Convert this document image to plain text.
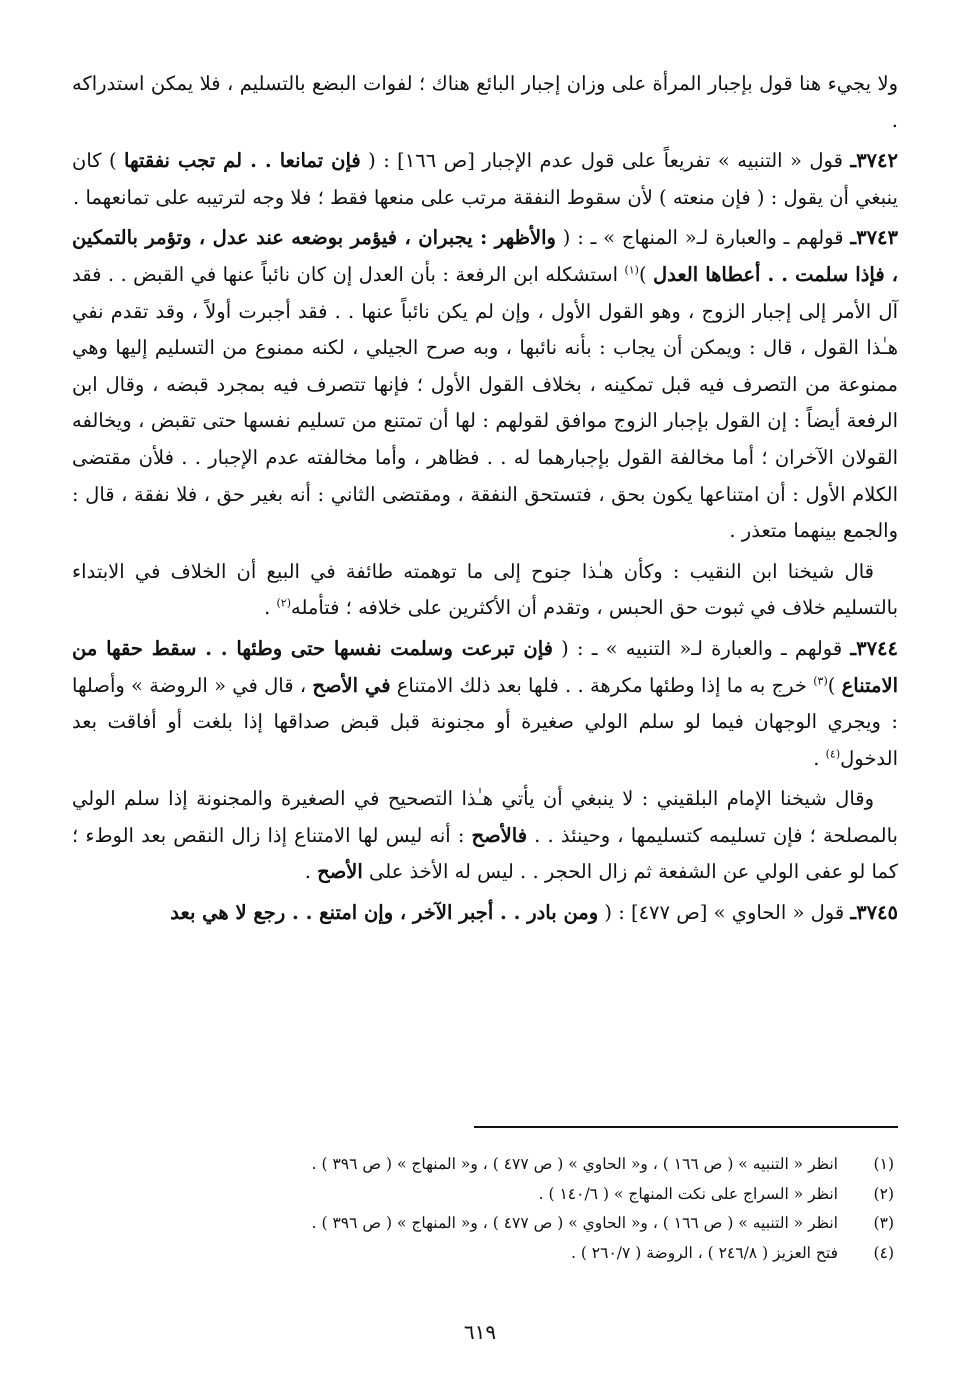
ولا يجيء هنا قول بإجبار المرأة على وزان إجبار البائع هناك ؛ لفوات البضع بالتسليم ، فلا يمكن استدراكه .

٣٧٤٢ـ قول « التنبيه » تفريعاً على قول عدم الإجبار [ص ١٦٦] : ( فإن تمانعا . . لم تجب نفقتها ) كان ينبغي أن يقول : ( فإن منعته ) لأن سقوط النفقة مرتب على منعها فقط ؛ فلا وجه لترتيبه على تمانعهما .

٣٧٤٣ـ قولهم ـ والعبارة لـ« المنهاج » ـ : ( والأظهر : يجبران ، فيؤمر بوضعه عند عدل ، وتؤمر بالتمكين ، فإذا سلمت . . أعطاها العدل )$^{(١)}$ استشكله ابن الرفعة : بأن العدل إن كان نائباً عنها في القبض . . فقد آل الأمر إلى إجبار الزوج ، وهو القول الأول ، وإن لم يكن نائباً عنها . . فقد أجبرت أولاً ، وقد تقدم نفي هـٰذا القول ، قال : ويمكن أن يجاب : بأنه نائبها ، وبه صرح الجيلي ، لكنه ممنوع من التسليم إليها وهي ممنوعة من التصرف فيه قبل تمكينه ، بخلاف القول الأول ؛ فإنها تتصرف فيه بمجرد قبضه ، وقال ابن الرفعة أيضاً : إن القول بإجبار الزوج موافق لقولهم : لها أن تمتنع من تسليم نفسها حتى تقبض ، ويخالفه القولان الآخران ؛ أما مخالفة القول بإجبارهما له . . فظاهر ، وأما مخالفته عدم الإجبار . . فلأن مقتضى الكلام الأول : أن امتناعها يكون بحق ، فتستحق النفقة ، ومقتضى الثاني : أنه بغير حق ، فلا نفقة ، قال : والجمع بينهما متعذر .

قال شيخنا ابن النقيب : وكأن هـٰذا جنوح إلى ما توهمته طائفة في البيع أن الخلاف في الابتداء بالتسليم خلاف في ثبوت حق الحبس ، وتقدم أن الأكثرين على خلافه ؛ فتأمله$^{(٢)}$ .

٣٧٤٤ـ قولهم ـ والعبارة لـ« التنبيه » ـ : ( فإن تبرعت وسلمت نفسها حتى وطئها . . سقط حقها من الامتناع )$^{(٣)}$ خرج به ما إذا وطئها مكرهة . . فلها بعد ذلك الامتناع في الأصح ، قال في « الروضة » وأصلها : ويجري الوجهان فيما لو سلم الولي صغيرة أو مجنونة قبل قبض صداقها إذا بلغت أو أفاقت بعد الدخول$^{(٤)}$ .

وقال شيخنا الإمام البلقيني : لا ينبغي أن يأتي هـٰذا التصحيح في الصغيرة والمجنونة إذا سلم الولي بالمصلحة ؛ فإن تسليمه كتسليمها ، وحينئذ . . فالأصح : أنه ليس لها الامتناع إذا زال النقص بعد الوطء ؛ كما لو عفى الولي عن الشفعة ثم زال الحجر . . ليس له الأخذ على الأصح .

٣٧٤٥ـ قول « الحاوي » [ص ٤٧٧] : ( ومن بادر . . أجبر الآخر ، وإن امتنع . . رجع لا هي بعد

(١)
انظر « التنبيه » ( ص ١٦٦ ) ، و« الحاوي » ( ص ٤٧٧ ) ، و« المنهاج » ( ص ٣٩٦ ) .
(٢)
انظر « السراج على نكت المنهاج » ( ١٤٠/٦ ) .
(٣)
انظر « التنبيه » ( ص ١٦٦ ) ، و« الحاوي » ( ص ٤٧٧ ) ، و« المنهاج » ( ص ٣٩٦ ) .
(٤)
فتح العزيز ( ٢٤٦/٨ ) ، الروضة ( ٢٦٠/٧ ) .
٦١٩
